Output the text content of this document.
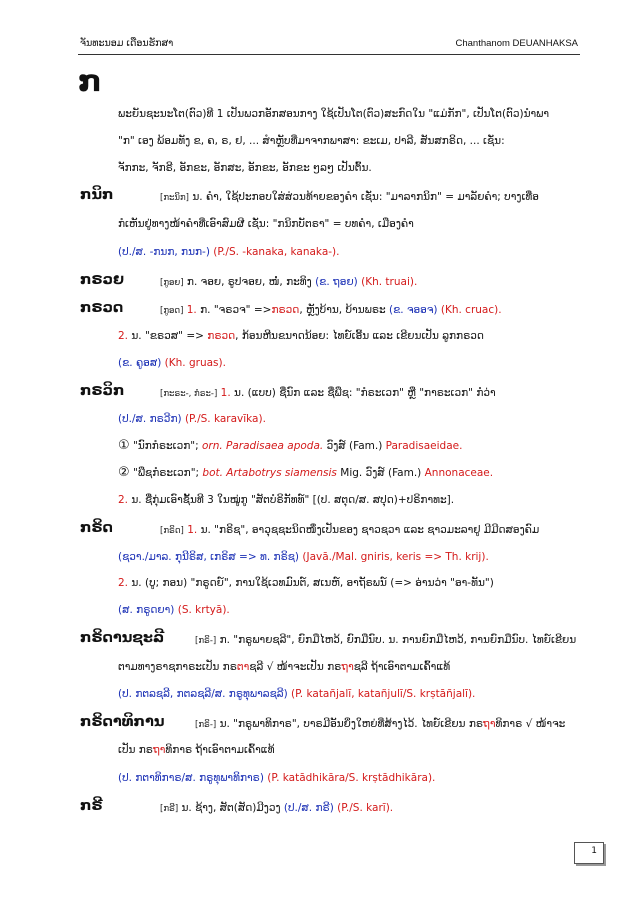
ຈັນທະນອມ ເດືອນຮັກສາ	Chanthanom DEUANHAKSA
ກ
ພະຍັນຊະນະໂຕ(ຕົວ)ທີ 1 ເປັນພວກອັກສອນກາງ ໃຊ້ເປັນໂຕ(ຕົວ)ສະກົດໃນ "ແມ່ກັກ", ເປັນໂຕ(ຕົວ)ນຳພາ
"ກ" ເອງ ພ້ອມທັງ ຂ, ຄ, ຣ, ຢ, ... ສຳຫຼັບທີ່ມາຈາກພາສາ: ຂະເມ, ປາລີ, ສັນສກຣິດ, ... ເຊັ່ນ:
ຈັກກະ, ຈັກຣີ, ອັກຂະ, ອັກສະ, ອັກຂະ, ອັກຂະ ໆລໆ ເປັນຕົ້ນ.
ກນິກ	[ກະນິກ] ນ. ຄຳ, ໃຊ້ປະກອບໃສ່ສ່ວນທ້າຍຂອງຄຳ ເຊັ່ນ: "ມາລາກນິກ" = ມາລັຍຄຳ; ບາງເທື່ອ
ກໍເຫັນຢູ່ທາງໜ້າຄຳທີ່ເອົາສົມຜີ ເຊັ່ນ: "ກນິກບັຕຣາ" = ບທຄຳ, ເມືອງຄຳ
(ປ./ສ. -ກນກ, ກນກ-) (P./S. -kanaka, kanaka-).
ກຣວຍ	[ກູອຍ] ກ. ຈອຍ, ຣູປຈອຍ, ໜໍ່, ກະທິງ (ຂ. ຖອຍ) (Kh. truai).
ກຣວດ	[ກູອດ] 1. ກ. "ຈຣວຈ" =>ກຣວດ, ຫຼັງບ້ານ, ບ້ານພຣະ (ຂ. ຈອອຈ) (Kh. cruac).
2. ນ. "ຂຣວສ" => ກຣວດ, ກ້ອນຫີນຂນາດນ້ອຍ: ໄທຍ໌ເອີ້ນ ແລະ ເຂີຍນເປັນ ລູກກຣວດ
(ຂ. ຄູອສ) (Kh. gruas).
ກຣວິກ	[ກະຣະ-, ກໍຣະ-] 1. ນ. (ແບບ) ຊື່ນົກ ແລະ ຊື່ພືຊ: "ກໍຣະເວກ" ຫຼື "ກາຣະເວກ" ກໍວ່າ
(ປ./ສ. ກຣວີກ) (P./S. karavīka).
① "ນົກກໍຣະເວກ"; orn. Paradisaea apoda. ວົງສ໌ (Fam.) Paradisaeidae.
② "ພືຊກໍຣະເວກ"; bot. Artabotrys siamensis Mig. ວົງສ໌ (Fam.) Annonaceae.
2. ນ. ຊື່ກຸ່ມເອົາຊັ້ນທີ 3 ໃນໝູ່ກູ "ສັຕບໍຣິກັທທ໌" [(ປ. ສຕຸດ/ສ. ສປຸດ)+ປຣິກາທະ].
ກຣິດ	[ກຣິດ] 1. ນ. "ກຣິຊ", ອາວຸຊຊະນິດໜຶ່ງເປັນຂອງ ຊາວຊວາ ແລະ ຊາວມະລາຢູ ມີມີດສອງຄົມ
(ຊວາ./ມາລ. ກຸນີຣິສ, ເກຣິສ => ທ. ກຣິຊ) (Javā./Mal. gniris, keris => Th. krij).
2. ນ. (ບູ; ກອນ) "ກຣູດຍ໌", ການໃຊ້ເວທມົນຕ໌, ສເນຫ໌, ອາຖັຣພນ໌ (=> ອ່ານວ່າ "ອາ-ທັນ")
(ສ. ກຣູດຍາ) (S. krtyā).
ກຣິດານຊະລີ	[ກຣິ-] ກ. "ກຣູພາຍຊລີ", ຍົກມືໄຫວ້, ຍົກມືນົບ. ນ. ການຍົກມືໄຫວ້, ການຍົກມືນົບ. ໄທຍ໌ເຂີຍນ
ຕາມທາງຣາຊກາຣະເປັນ ກຣຕາຊລີ √ ໜ້າຈະເປັນ ກຣຖາຊລີ ຖ້າເອົາຕາມເຄົ້າແທ້
(ປ. ກຕລຊລີ, ກຕລຊລີ/ສ. ກຣູທຸພາລຊລີ) (P. katañjalī, katañjulī/S. krṣtāñjalī).
ກຣິດາທິການ	[ກຣິ-] ນ. "ກຣູພາທິກາຣ", ບາຣມີອັນຍິ່ງໃຫຍ່ທີ່ສ້າງໄວ້. ໄທຍ໌ເຂີຍນ ກຣຖາທິກາຣ √ ໜ້າຈະ
ເປັນ ກຣຖາທິກາຣ ຖ້າເອົາຕາມເຄົ້າແທ້
(ປ. ກຕາທິກາຣ/ສ. ກຣູທຸພາທິກາຣ) (P. katādhikāra/S. krṣtādhikāra).
ກຣີ	[ກຣີ] ນ. ຊ້າງ, ສັຕ(ສັດ)ມີງວງ (ປ./ສ. ກຣີ) (P./S. karī).
1
